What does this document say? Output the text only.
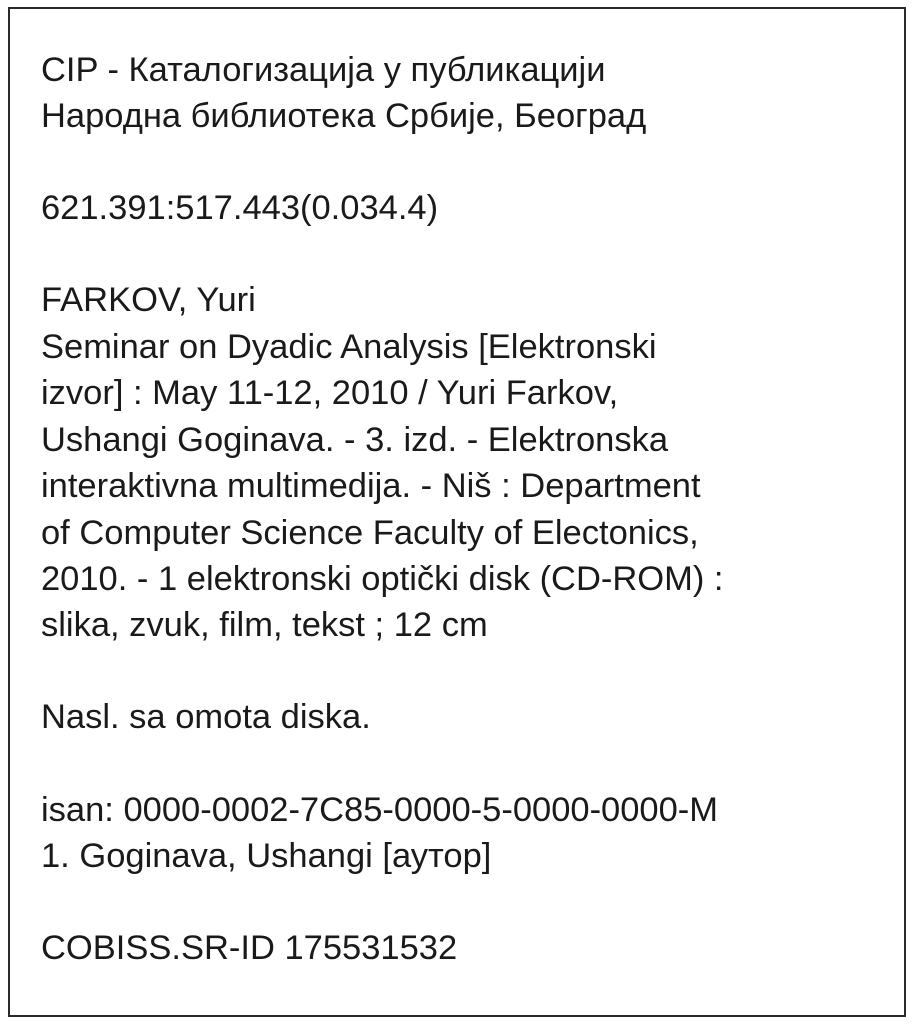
CIP - Каталогизација у публикацији

Народна библиотека Србије, Београд

621.391:517.443(0.034.4)

FARKOV, Yuri

Seminar on Dyadic Analysis [Elektronski

izvor] : May 11-12, 2010 / Yuri Farkov,

Ushangi Goginava. - 3. izd. - Elektronska

interaktivna multimedija. - Niš : Department

of Computer Science Faculty of Electonics,

2010. - 1 elektronski optički disk (CD-ROM) :

slika, zvuk, film, tekst ; 12 cm

Nasl. sa omota diska.

isan: 0000-0002-7C85-0000-5-0000-0000-M

1. Goginava, Ushangi [аутор]

COBISS.SR-ID 175531532
